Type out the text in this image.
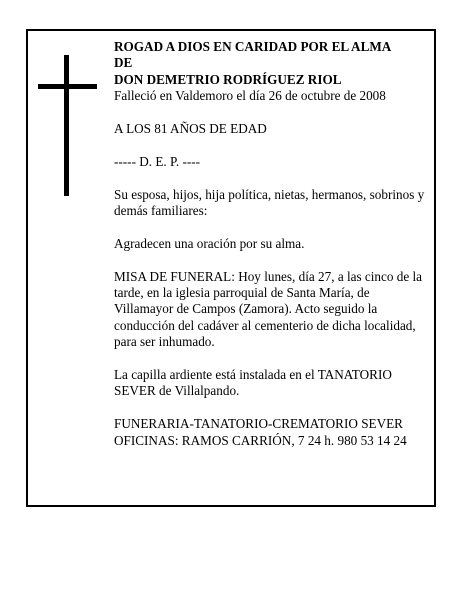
ROGAD A DIOS EN CARIDAD POR EL ALMA

DE

DON DEMETRIO RODRÍGUEZ RIOL

Falleció en Valdemoro el día 26 de octubre de 2008

A LOS 81 AÑOS DE EDAD

----- D. E. P. ----

Su esposa, hijos, hija política, nietas, hermanos, sobrinos y demás familiares:

Agradecen una oración por su alma.

MISA DE FUNERAL: Hoy lunes, día 27, a las cinco de la tarde, en la iglesia parroquial de Santa María, de Villamayor de Campos (Zamora). Acto seguido la conducción del cadáver al cementerio de dicha localidad, para ser inhumado.

La capilla ardiente está instalada en el TANATORIO SEVER de Villalpando.

FUNERARIA-TANATORIO-CREMATORIO SEVER

OFICINAS: RAMOS CARRIÓN, 7 24 h. 980 53 14 24
